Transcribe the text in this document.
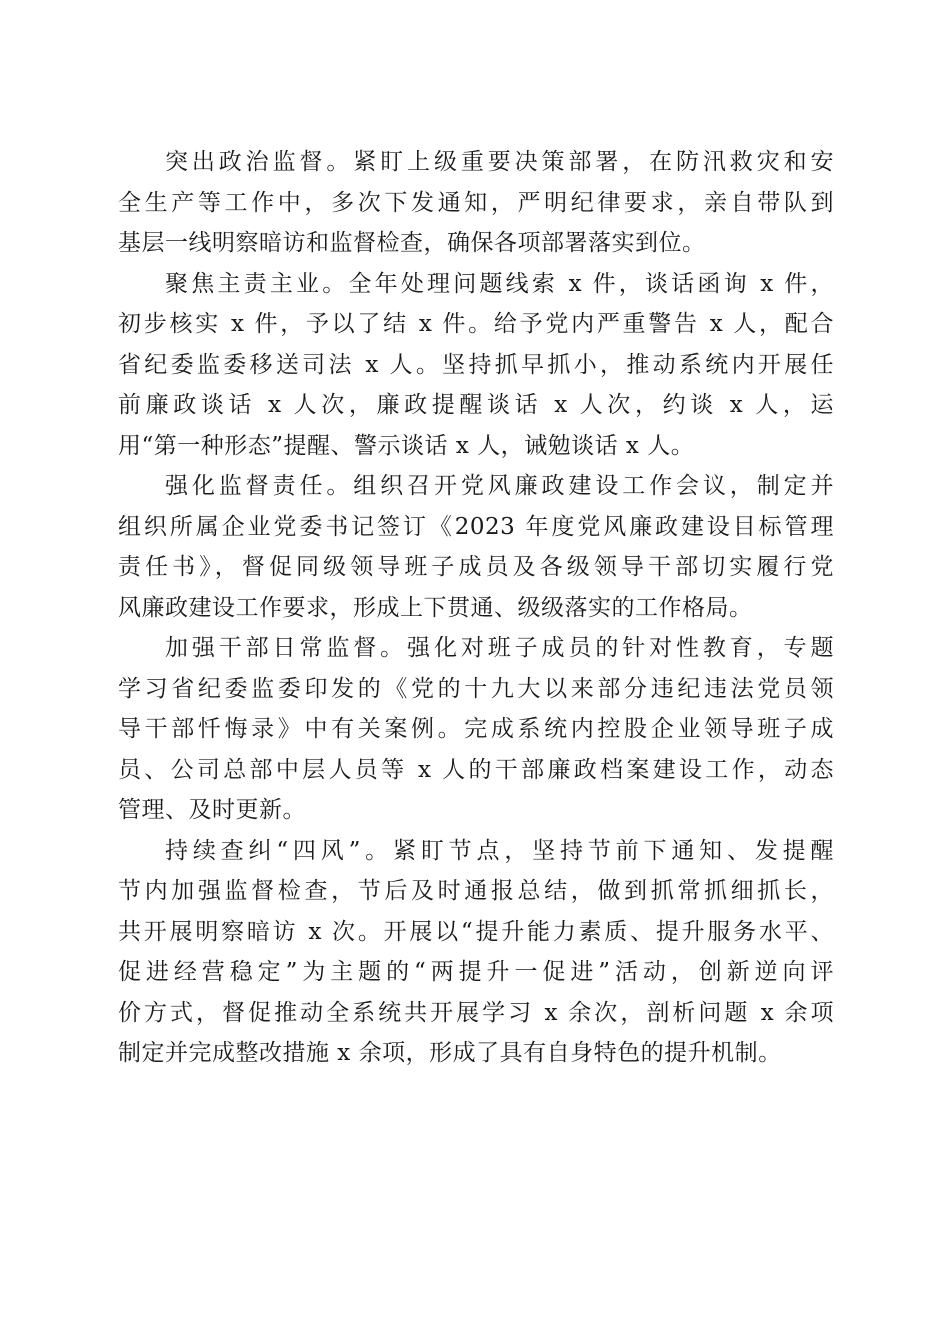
突出政治监督。紧盯上级重要决策部署，在防汛救灾和安
全生产等工作中，多次下发通知，严明纪律要求，亲自带队到
基层一线明察暗访和监督检查，确保各项部署落实到位。
聚焦主责主业。全年处理问题线索 x 件，谈话函询 x 件，
初步核实 x 件，予以了结 x 件。给予党内严重警告 x 人，配合
省纪委监委移送司法 x 人。坚持抓早抓小，推动系统内开展任
前廉政谈话 x 人次，廉政提醒谈话 x 人次，约谈 x 人，运
用“第一种形态”提醒、警示谈话 x 人，诫勉谈话 x 人。
强化监督责任。组织召开党风廉政建设工作会议，制定并
组织所属企业党委书记签订《2023 年度党风廉政建设目标管理
责任书》，督促同级领导班子成员及各级领导干部切实履行党
风廉政建设工作要求，形成上下贯通、级级落实的工作格局。
加强干部日常监督。强化对班子成员的针对性教育，专题
学习省纪委监委印发的《党的十九大以来部分违纪违法党员领
导干部忏悔录》中有关案例。完成系统内控股企业领导班子成
员、公司总部中层人员等 x 人的干部廉政档案建设工作，动态
管理、及时更新。
持续查纠“四风”。紧盯节点，坚持节前下通知、发提醒
节内加强监督检查，节后及时通报总结，做到抓常抓细抓长，
共开展明察暗访 x 次。开展以“提升能力素质、提升服务水平、
促进经营稳定”为主题的“两提升一促进”活动，创新逆向评
价方式，督促推动全系统共开展学习 x 余次，剖析问题 x 余项
制定并完成整改措施 x 余项，形成了具有自身特色的提升机制。
